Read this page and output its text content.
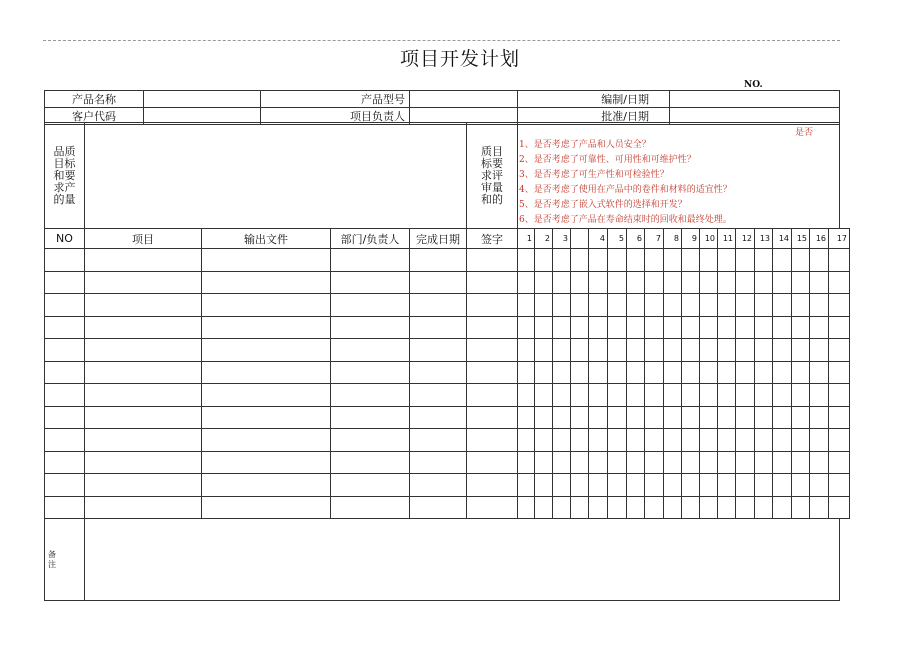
项目开发计划
NO.
产品名称		产品型号		编制/日期	
客户代码		项目负责人		批准/日期	
品质目标和要求产的量

质目标要求评审量和的

是否
1、是否考虑了产品和人员安全？
2、是否考虑了可靠性、可用性和可维护性？
3、是否考虑了可生产性和可检验性？
4、是否考虑了使用在产品中的卷件和材料的适宜性？
5、是否考虑了嵌入式软件的选择和开发？
6、是否考虑了产品在寿命结束时的回收和最终处理。
NO	项目	输出文件	部门/负责人	完成日期	签字	1	2	3		4	5	6	7	8	9	10	11	12	13	14	15	16	17

备注
